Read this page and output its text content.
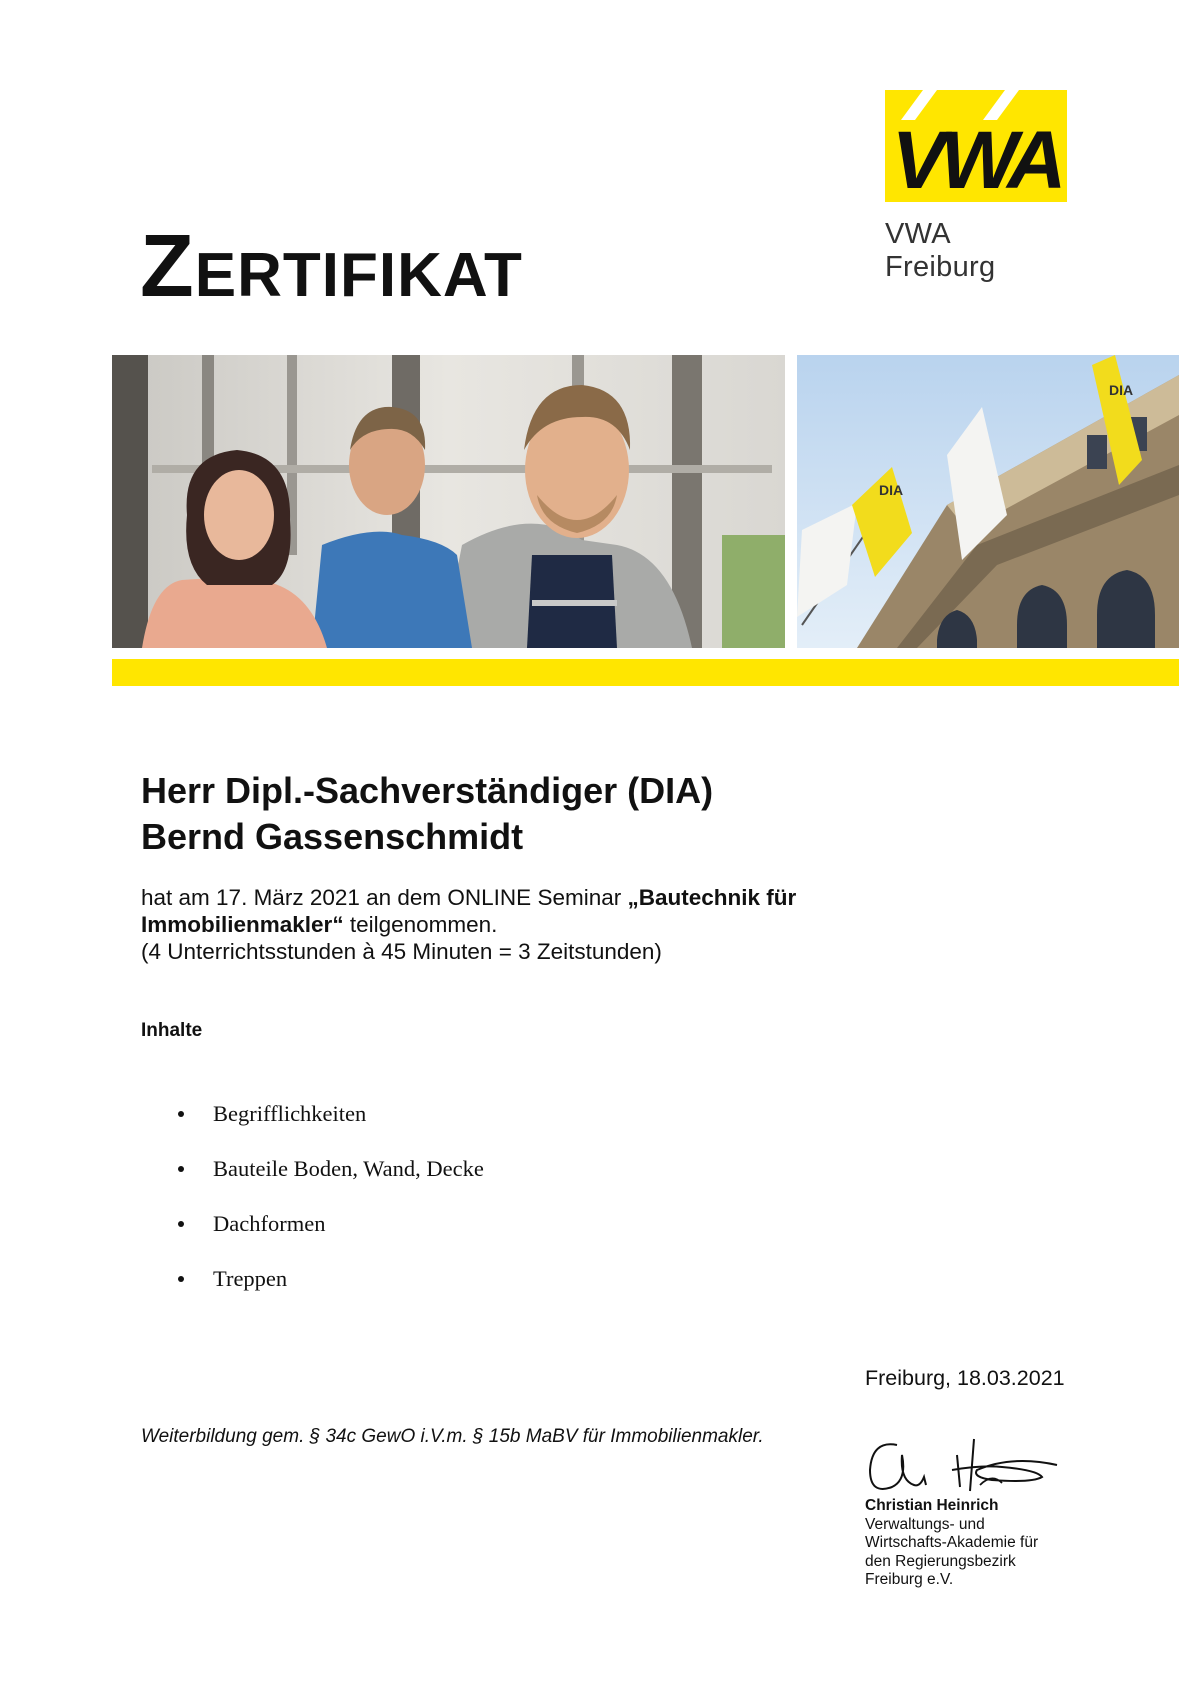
VWA
VWA Freiburg
ZERTIFIKAT
DIA
DIA
Herr Dipl.-Sachverständiger (DIA)
Bernd Gassenschmidt
hat am 17. März 2021 an dem ONLINE Seminar „Bautechnik für Immobilienmakler“ teilgenommen.
(4 Unterrichtsstunden à 45 Minuten = 3 Zeitstunden)
Inhalte
Begrifflichkeiten
Bauteile Boden, Wand, Decke
Dachformen
Treppen
Freiburg, 18.03.2021
Weiterbildung gem. § 34c GewO i.V.m. § 15b MaBV für Immobilienmakler.
Christian Heinrich
Verwaltungs- und
Wirtschafts-Akademie für
den Regierungsbezirk
Freiburg e.V.
